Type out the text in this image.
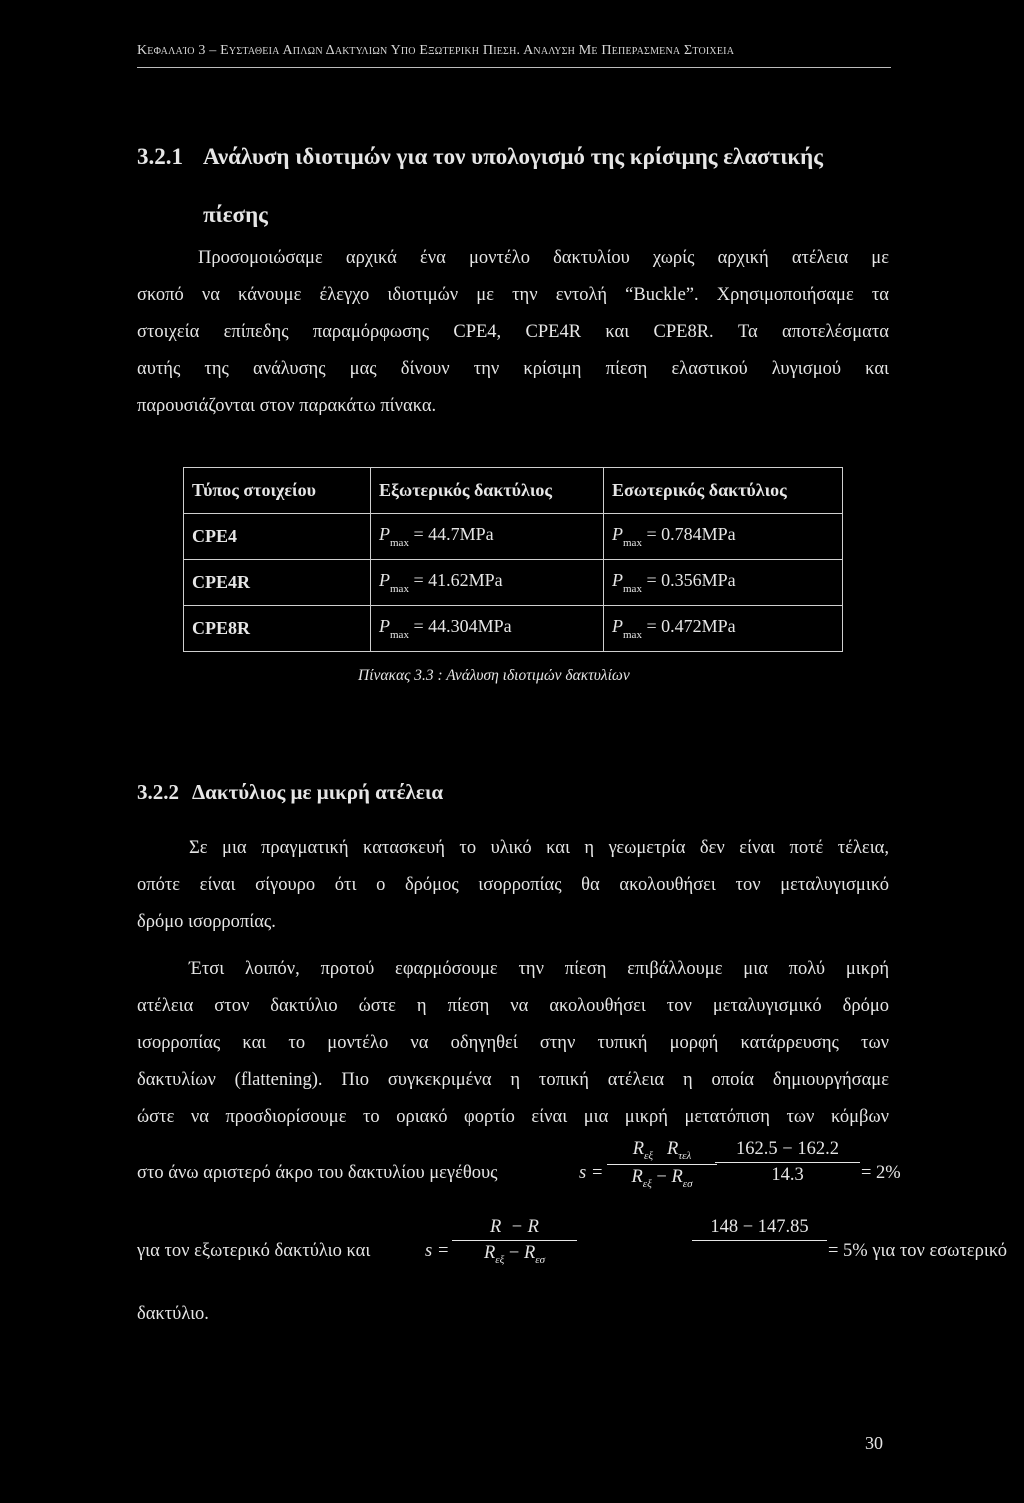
Κεφαλαίο 3 – Ευσταθεια Απλων Δακτυλιων Υπο Εξωτερικη Πιεση. Αναλυση Με Πεπερασμενα Στοιχεια
3.2.1 Ανάλυση ιδιοτιμών για τον υπολογισμό της κρίσιμης ελαστικής
πίεσης
Προσομοιώσαμε αρχικά ένα μοντέλο δακτυλίου χωρίς αρχική ατέλεια με
σκοπό να κάνουμε έλεγχο ιδιοτιμών με την εντολή “Buckle”. Χρησιμοποιήσαμε τα
στοιχεία επίπεδης παραμόρφωσης CPE4, CPE4R και CPE8R. Τα αποτελέσματα
αυτής της ανάλυσης μας δίνουν την κρίσιμη πίεση ελαστικού λυγισμού και
παρουσιάζονται στον παρακάτω πίνακα.
Τύπος στοιχείου	Εξωτερικός δακτύλιος	Εσωτερικός δακτύλιος
CPE4	$P_{max} = 44.7MPa$	$P_{max} = 0.784MPa$
CPE4R	$P_{max} = 41.62MPa$	$P_{max} = 0.356MPa$
CPE8R	$P_{max} = 44.304MPa$	$P_{max} = 0.472MPa$
Πίνακας 3.3 : Ανάλυση ιδιοτιμών δακτυλίων
3.2.2 Δακτύλιος με μικρή ατέλεια
Σε μια πραγματική κατασκευή το υλικό και η γεωμετρία δεν είναι ποτέ τέλεια,
οπότε είναι σίγουρο ότι ο δρόμος ισορροπίας θα ακολουθήσει τον μεταλυγισμικό
δρόμο ισορροπίας.
Έτσι λοιπόν, προτού εφαρμόσουμε την πίεση επιβάλλουμε μια πολύ μικρή
ατέλεια στον δακτύλιο ώστε η πίεση να ακολουθήσει τον μεταλυγισμικό δρόμο
ισορροπίας και το μοντέλο να οδηγηθεί στην τυπική μορφή κατάρρευσης των
δακτυλίων (flattening). Πιο συγκεκριμένα η τοπική ατέλεια η οποία δημιουργήσαμε
ώστε να προσδιορίσουμε το οριακό φορτίο είναι μια μικρή μετατόπιση των κόμβων
στο άνω αριστερό άκρο του δακτυλίου μεγέθους	s =
$R_{\varepsilon\xi}$ $R_{\tau\varepsilon\lambda}$
$R_{\varepsilon\xi} - R_{\varepsilon\sigma}$	$\frac{162.5 - 162.2}{14.3} = 2\%$
για τον εξωτερικό δακτύλιο και	s =
R  − R
$R_{\varepsilon\xi} - R_{\varepsilon\sigma}$
148 − 147.85

= 5% για τον εσωτερικό
δακτύλιο.
30
